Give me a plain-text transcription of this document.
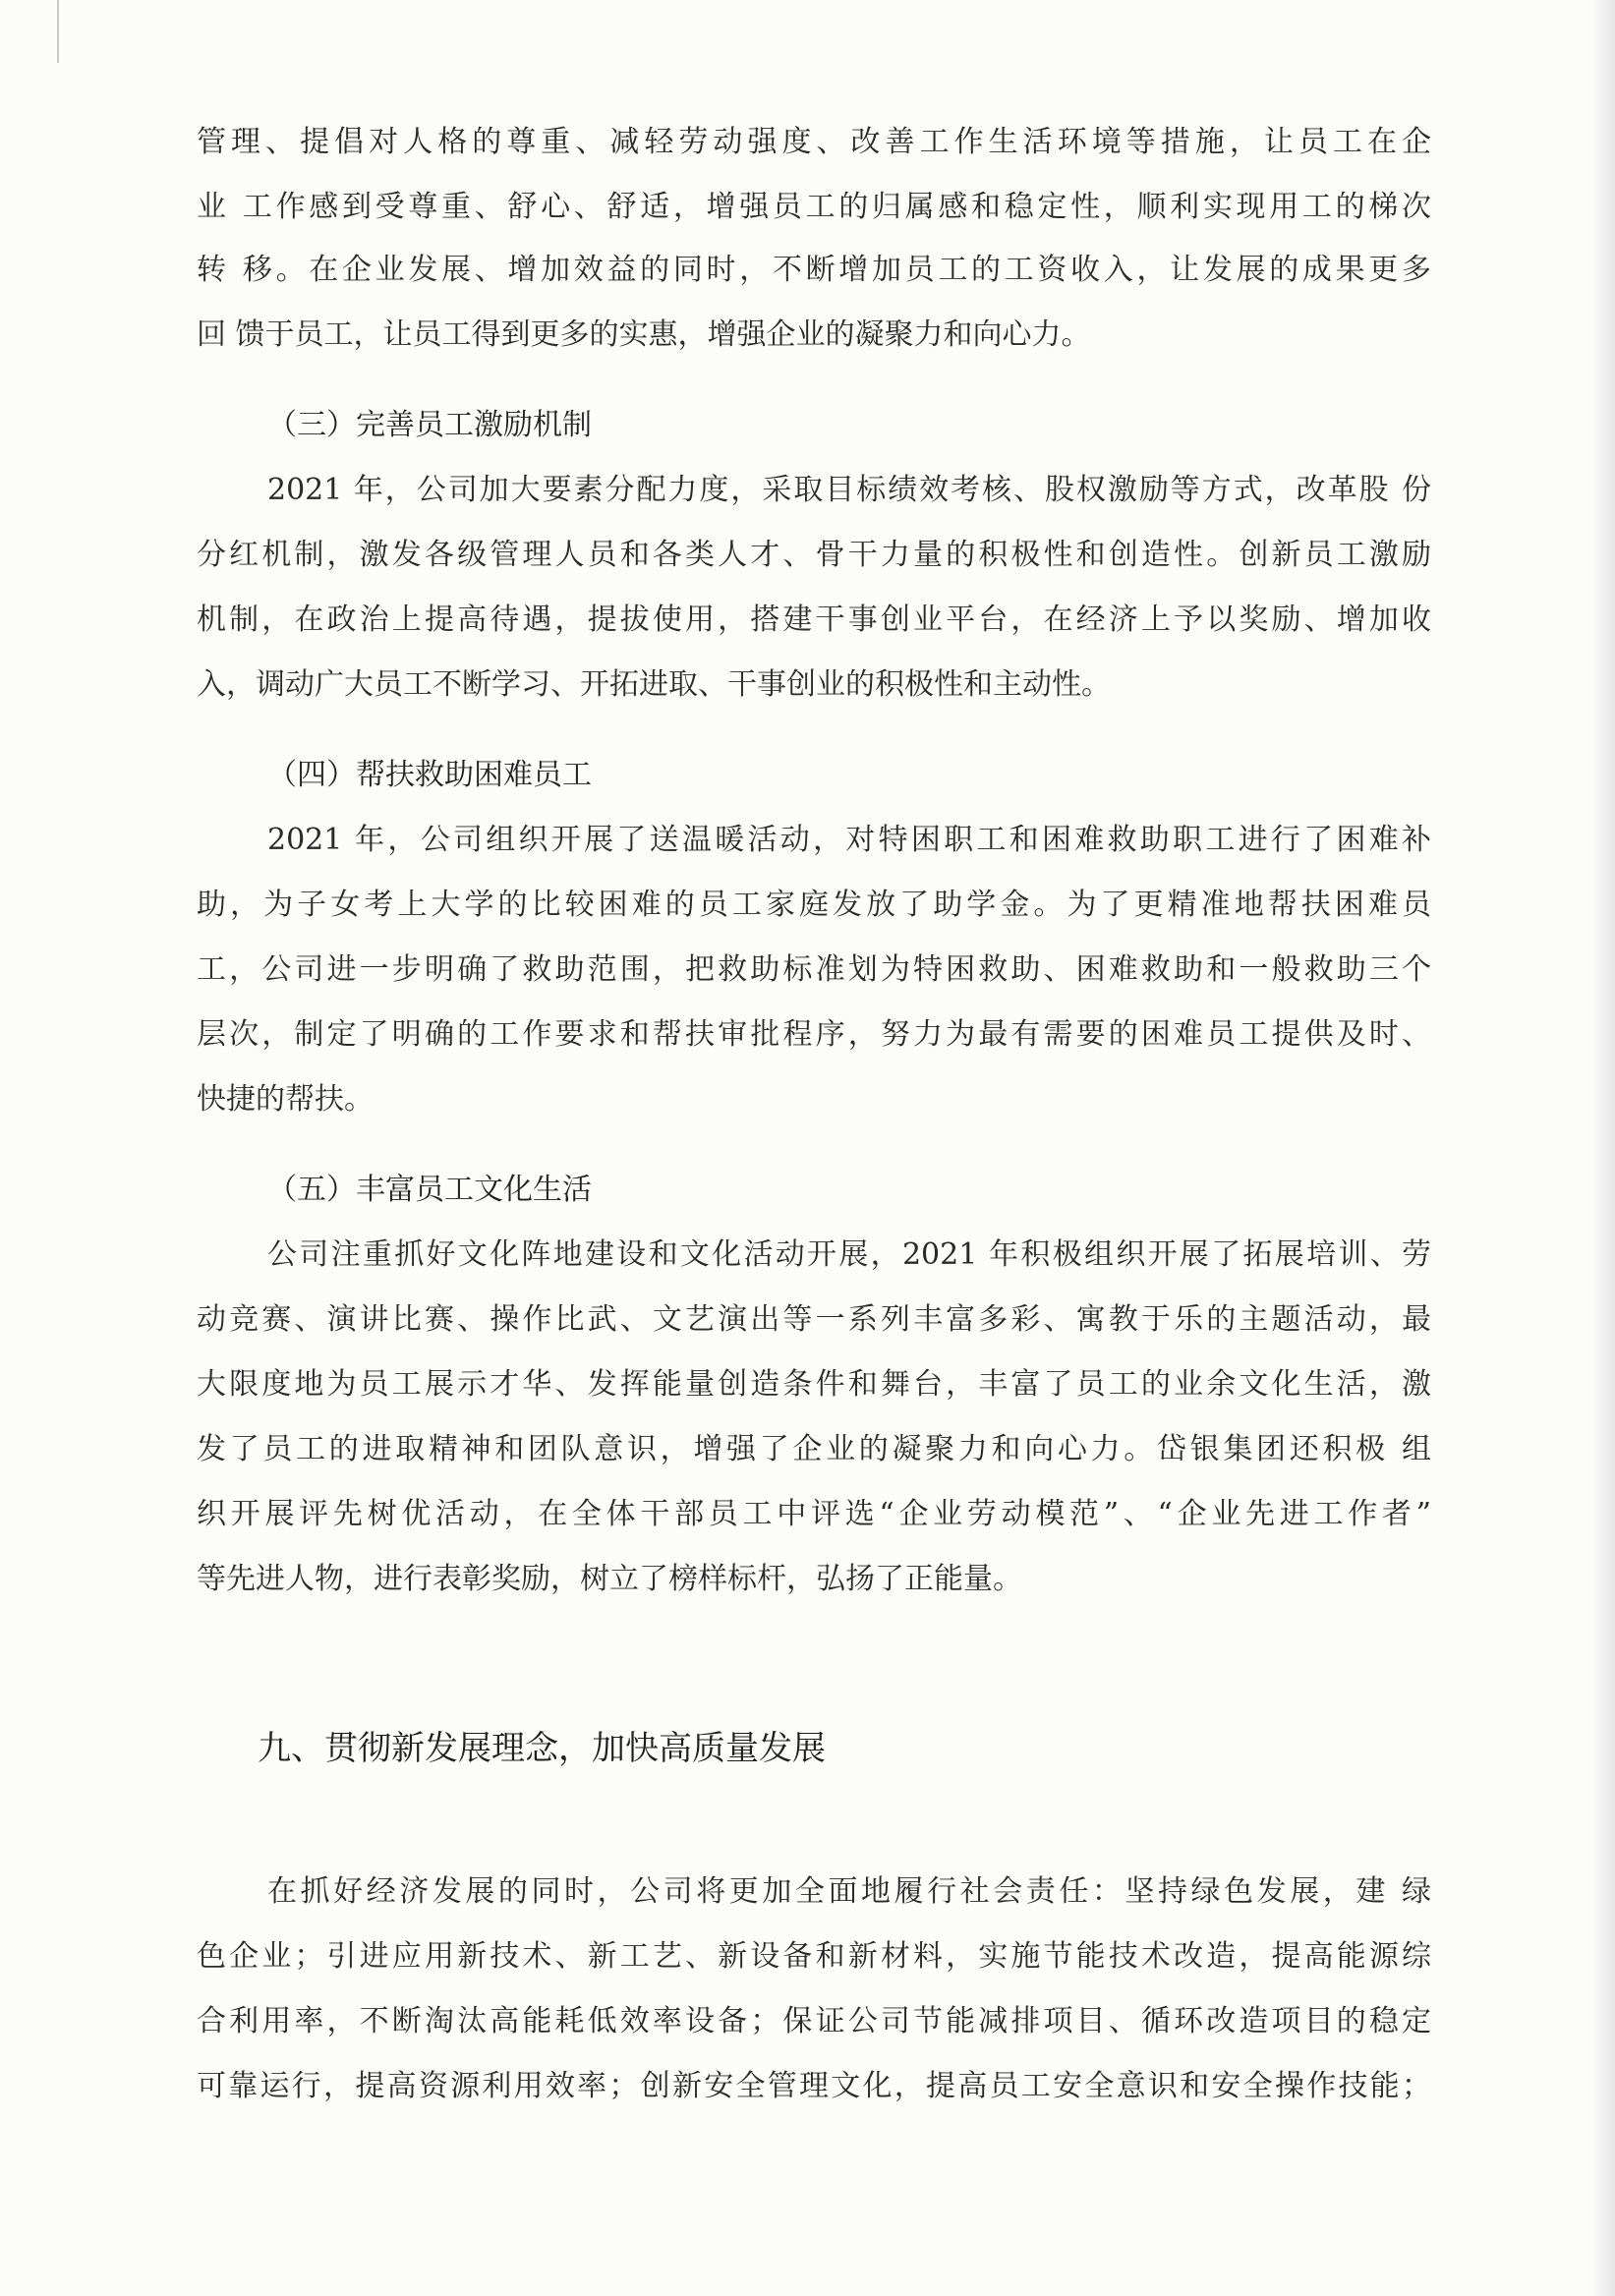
管理、提倡对人格的尊重、减轻劳动强度、改善工作生活环境等措施，让员工在企
业 工作感到受尊重、舒心、舒适，增强员工的归属感和稳定性，顺利实现用工的梯次
转 移。在企业发展、增加效益的同时，不断增加员工的工资收入，让发展的成果更多
回 馈于员工，让员工得到更多的实惠，增强企业的凝聚力和向心力。
（三）完善员工激励机制
2021 年，公司加大要素分配力度，采取目标绩效考核、股权激励等方式，改革股 份
分红机制，激发各级管理人员和各类人才、骨干力量的积极性和创造性。创新员工激励
机制，在政治上提高待遇，提拔使用，搭建干事创业平台，在经济上予以奖励、增加收
入，调动广大员工不断学习、开拓进取、干事创业的积极性和主动性。
（四）帮扶救助困难员工
2021 年，公司组织开展了送温暖活动，对特困职工和困难救助职工进行了困难补
助，为子女考上大学的比较困难的员工家庭发放了助学金。为了更精准地帮扶困难员
工，公司进一步明确了救助范围，把救助标准划为特困救助、困难救助和一般救助三个
层次，制定了明确的工作要求和帮扶审批程序，努力为最有需要的困难员工提供及时、
快捷的帮扶。
（五）丰富员工文化生活
公司注重抓好文化阵地建设和文化活动开展，2021 年积极组织开展了拓展培训、劳
动竞赛、演讲比赛、操作比武、文艺演出等一系列丰富多彩、寓教于乐的主题活动，最
大限度地为员工展示才华、发挥能量创造条件和舞台，丰富了员工的业余文化生活，激
发了员工的进取精神和团队意识，增强了企业的凝聚力和向心力。岱银集团还积极 组
织开展评先树优活动，在全体干部员工中评选“企业劳动模范”、“企业先进工作者”
等先进人物，进行表彰奖励，树立了榜样标杆，弘扬了正能量。
九、贯彻新发展理念，加快高质量发展
在抓好经济发展的同时，公司将更加全面地履行社会责任：坚持绿色发展，建 绿
色企业；引进应用新技术、新工艺、新设备和新材料，实施节能技术改造，提高能源综
合利用率，不断淘汰高能耗低效率设备；保证公司节能减排项目、循环改造项目的稳定
可靠运行，提高资源利用效率；创新安全管理文化，提高员工安全意识和安全操作技能；
